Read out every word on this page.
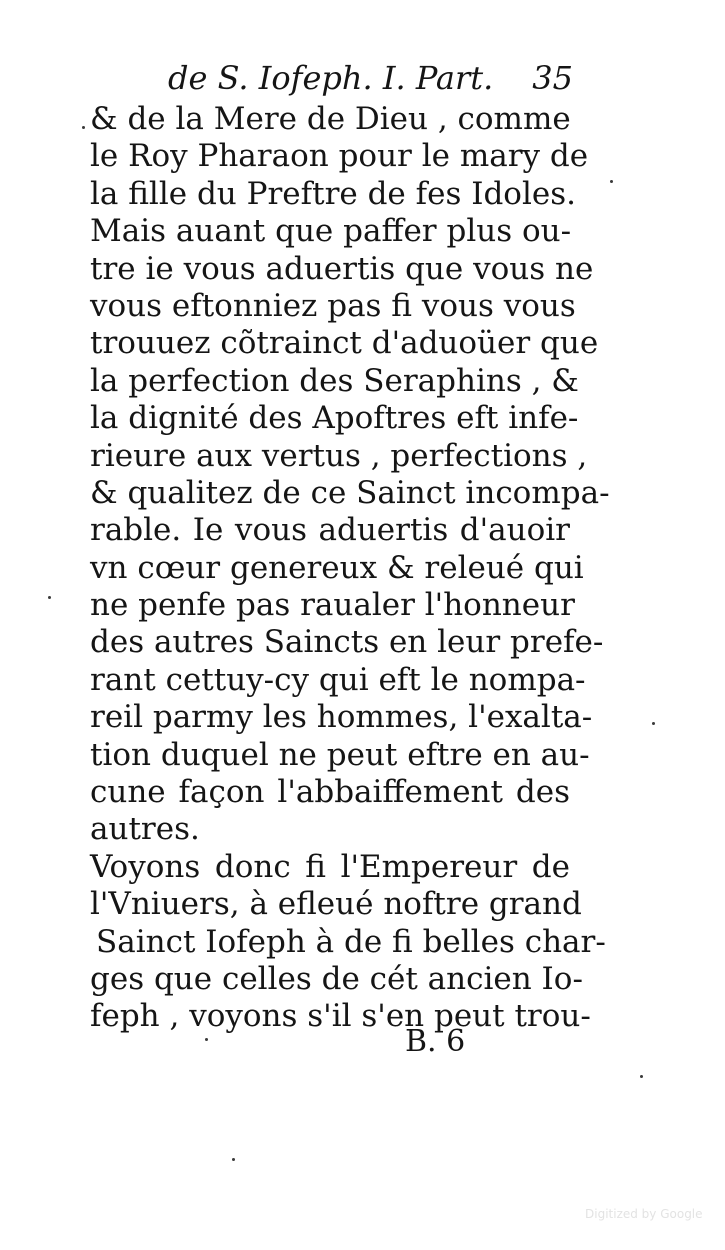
de S. Iofeph. I. Part. 35
& de la Mere de Dieu , comme
le Roy Pharaon pour le mary de
la fille du Preftre de fes Idoles.
Mais auant que paffer plus ou-
tre ie vous aduertis que vous ne
vous eftonniez pas fi vous vous
trouuez cõtrainct d'aduoüer que
la perfection des Seraphins , &
la dignité des Apoftres eft infe-
rieure aux vertus , perfections ,
& qualitez de ce Sainct incompa-
rable. Ie vous aduertis d'auoir
vn cœur genereux & releué qui
ne penfe pas raualer l'honneur
des autres Saincts en leur prefe-
rant cettuy-cy qui eft le nompa-
reil parmy les hommes, l'exalta-
tion duquel ne peut eftre en au-
cune façon l'abbaiffement des
autres.
Voyons donc fi l'Empereur de
l'Vniuers, à efleué noftre grand
Sainct Iofeph à de fi belles char-
ges que celles de cét ancien Io-
feph , voyons s'il s'en peut trou-
B. 6
Digitized by Google
